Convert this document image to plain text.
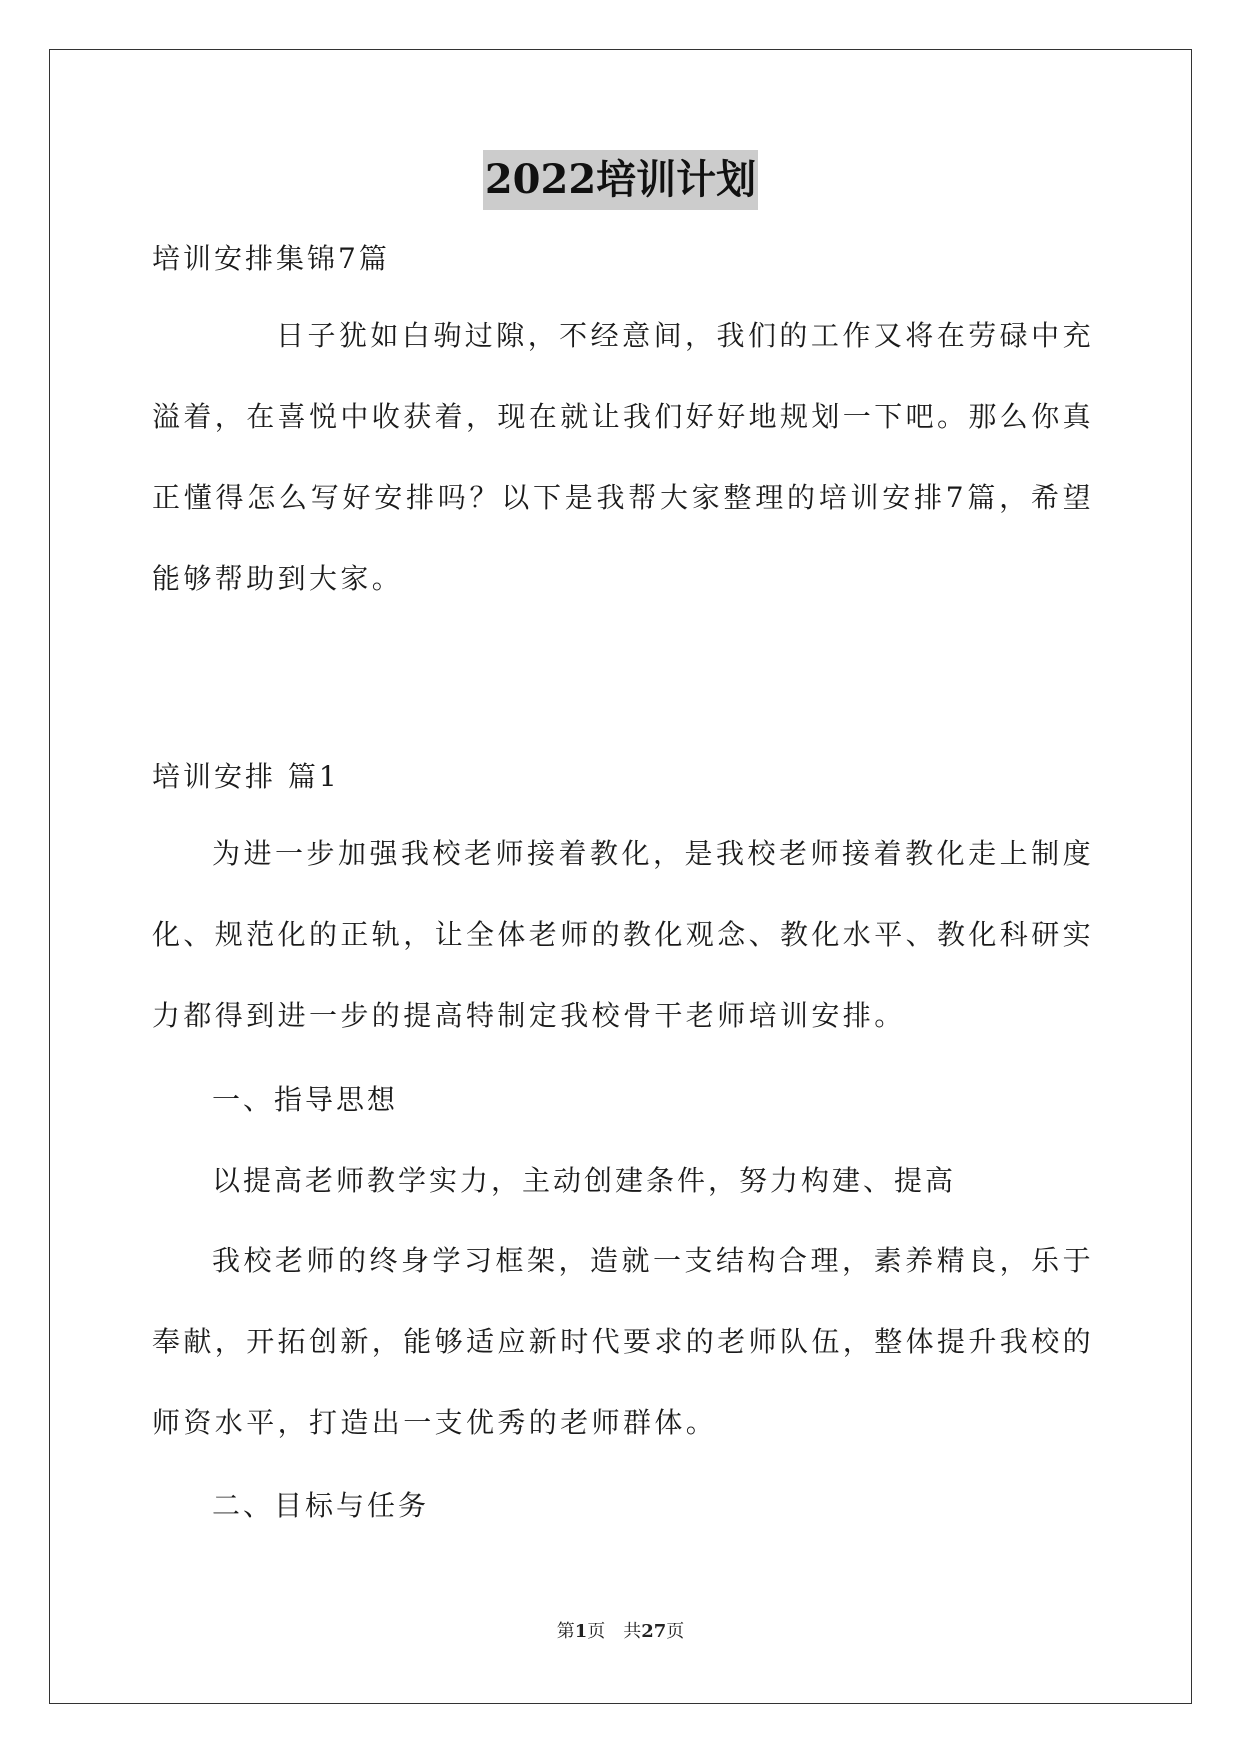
2022培训计划
培训安排集锦7篇
日子犹如白驹过隙，不经意间，我们的工作又将在劳碌中充溢着，在喜悦中收获着，现在就让我们好好地规划一下吧。那么你真正懂得怎么写好安排吗？以下是我帮大家整理的培训安排7篇，希望能够帮助到大家。
培训安排 篇1
为进一步加强我校老师接着教化，是我校老师接着教化走上制度化、规范化的正轨，让全体老师的教化观念、教化水平、教化科研实力都得到进一步的提高特制定我校骨干老师培训安排。
一、指导思想
以提高老师教学实力，主动创建条件，努力构建、提高
我校老师的终身学习框架，造就一支结构合理，素养精良，乐于奉献，开拓创新，能够适应新时代要求的老师队伍，整体提升我校的师资水平，打造出一支优秀的老师群体。
二、目标与任务
第1页　共27页
